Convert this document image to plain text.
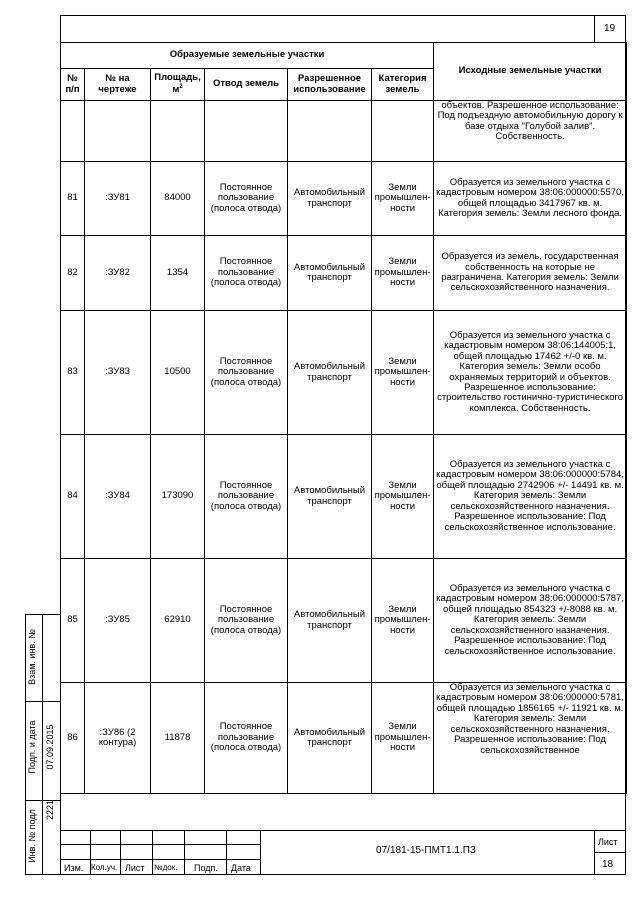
19
Образуемые земельные участки						Исходные земельные участки
№ п/п	№ на чертеже	Площадь, $м^2$	Отвод земель	Разрешенное использование	Категория земель	
						объектов. Разрешенное использование: Под подъездную автомобильную дорогу к базе отдыха "Голубой залив". Собственность.
81	:ЗУ81	84000	Постоянное пользование (полоса отвода)	Автомобильный транспорт	Земли промышлен-ности	Образуется из земельного участка с кадастровым номером 38:06:000000:5570, общей площадью 3417967 кв. м. Категория земель: Земли лесного фонда.
82	:ЗУ82	1354	Постоянное пользование (полоса отвода)	Автомобильный транспорт	Земли промышлен-ности	Образуется из земель, государственная собственность на которые не разграничена. Категория земель: Земли сельскохозяйственного назначения.
83	:ЗУ83	10500	Постоянное пользование (полоса отвода)	Автомобильный транспорт	Земли промышлен-ности	Образуется из земельного участка с кадастровым номером 38:06:144005:1, общей площадью 17462 +/-0 кв. м. Категория земель: Земли особо охраняемых территорий и объектов. Разрешенное использование: строительство гостинично-туристического комплекса. Собственность.
84	:ЗУ84	173090	Постоянное пользование (полоса отвода)	Автомобильный транспорт	Земли промышлен-ности	Образуется из земельного участка с кадастровым номером 38:06:000000:5784, общей площадью 2742906 +/- 14491 кв. м. Категория земель: Земли сельскохозяйственного назначения. Разрешенное использование: Под сельскохозяйственное использование.
85	:ЗУ85	62910	Постоянное пользование (полоса отвода)	Автомобильный транспорт	Земли промышлен-ности	Образуется из земельного участка с кадастровым номером 38:06:000000:5787, общей площадью 854323 +/-8088 кв. м. Категория земель: Земли сельскохозяйственного назначения. Разрешенное использование: Под сельскохозяйственное использование.
86	:ЗУ86 (2 контура)	11878	Постоянное пользование (полоса отвода)	Автомобильный транспорт	Земли промышлен-ности	Образуется из земельного участка с кадастровым номером 38:06:000000:5781, общей площадью 1856165 +/- 11921 кв. м. Категория земель: Земли сельскохозяйственного назначения. Разрешенное использование: Под сельскохозяйственное
Изм. Кол.уч. Лист №док. Подп. Дата
07/181-15-ПМТ1.1.ПЗ
Лист
18
Взам. инв. №
Подп. и дата 07.09.2015
Инв. № подл 2221
